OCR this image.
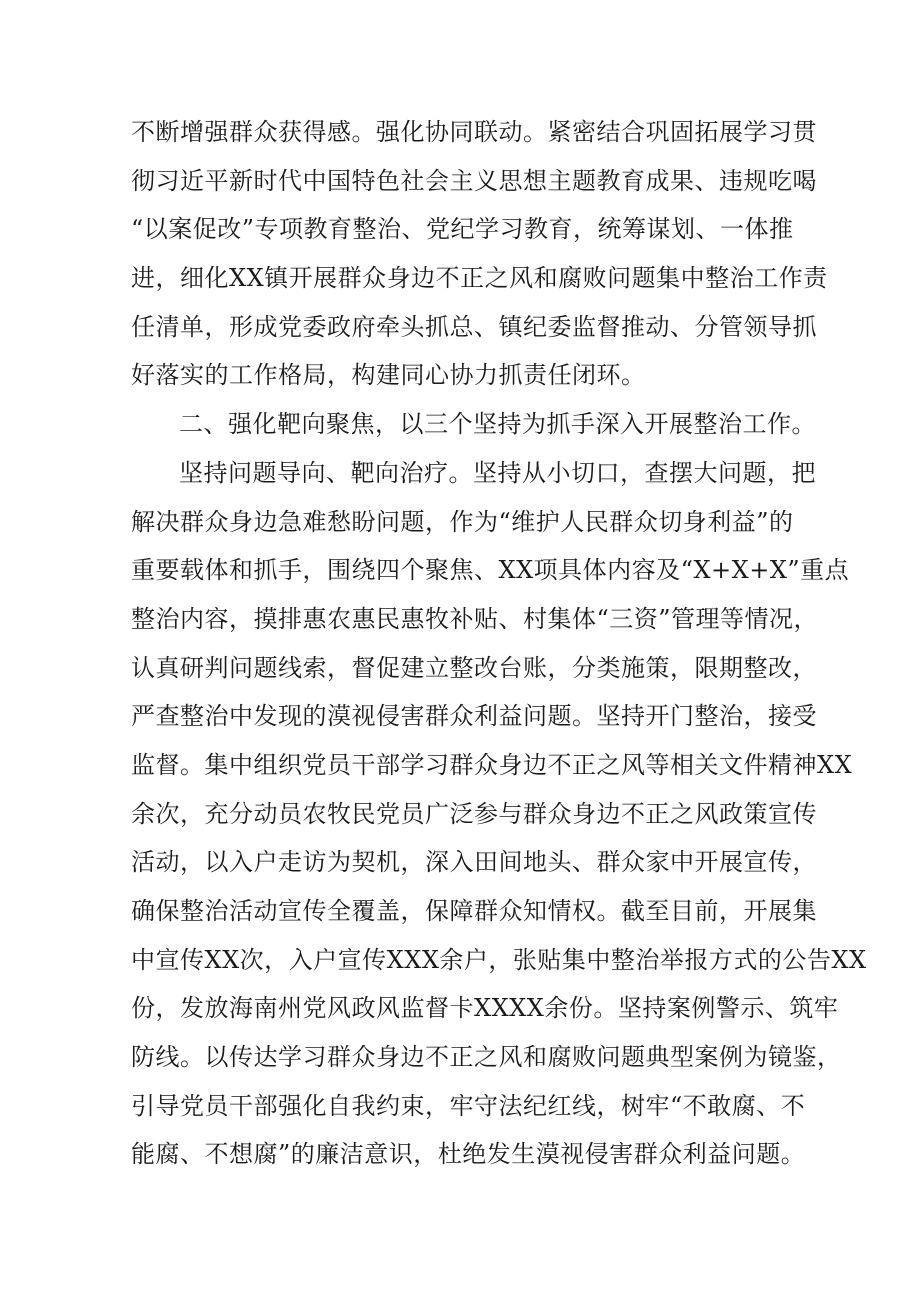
不断增强群众获得感。强化协同联动。紧密结合巩固拓展学习贯
彻习近平新时代中国特色社会主义思想主题教育成果、违规吃喝
“以案促改”专项教育整治、党纪学习教育，统筹谋划、一体推
进，细化XX镇开展群众身边不正之风和腐败问题集中整治工作责
任清单，形成党委政府牵头抓总、镇纪委监督推动、分管领导抓
好落实的工作格局，构建同心协力抓责任闭环。
二、强化靶向聚焦，以三个坚持为抓手深入开展整治工作。
坚持问题导向、靶向治疗。坚持从小切口，查摆大问题，把
解决群众身边急难愁盼问题，作为“维护人民群众切身利益”的
重要载体和抓手，围绕四个聚焦、XX项具体内容及“X+X+X”重点
整治内容，摸排惠农惠民惠牧补贴、村集体“三资”管理等情况，
认真研判问题线索，督促建立整改台账，分类施策，限期整改，
严查整治中发现的漠视侵害群众利益问题。坚持开门整治，接受
监督。集中组织党员干部学习群众身边不正之风等相关文件精神XX
余次，充分动员农牧民党员广泛参与群众身边不正之风政策宣传
活动，以入户走访为契机，深入田间地头、群众家中开展宣传，
确保整治活动宣传全覆盖，保障群众知情权。截至目前，开展集
中宣传XX次，入户宣传XXX余户，张贴集中整治举报方式的公告XX
份，发放海南州党风政风监督卡XXXX余份。坚持案例警示、筑牢
防线。以传达学习群众身边不正之风和腐败问题典型案例为镜鉴，
引导党员干部强化自我约束，牢守法纪红线，树牢“不敢腐、不
能腐、不想腐”的廉洁意识，杜绝发生漠视侵害群众利益问题。
